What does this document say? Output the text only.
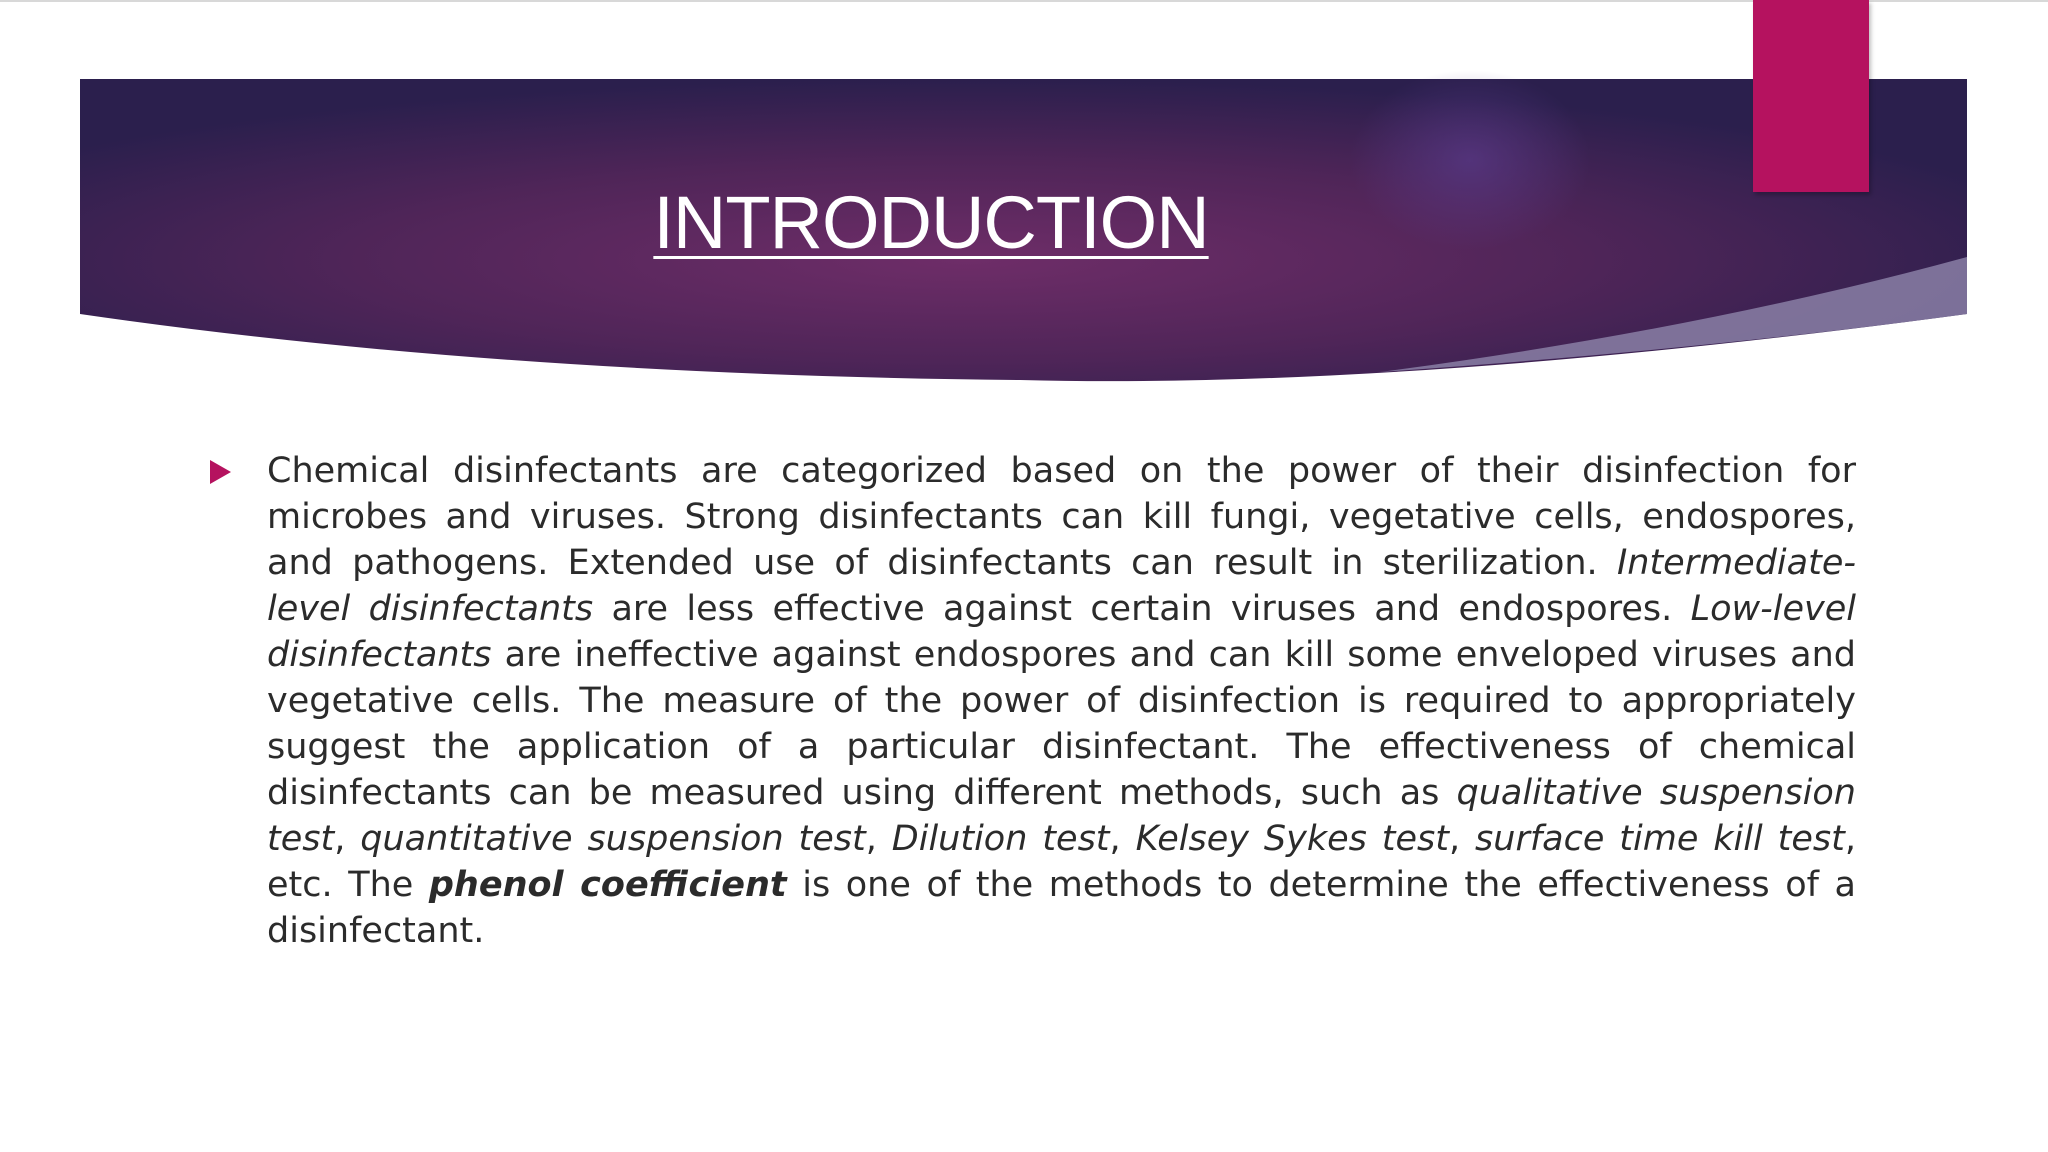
INTRODUCTION

Chemical disinfectants are categorized based on the power of their disinfection for microbes and viruses. Strong disinfectants can kill fungi, vegetative cells, endospores, and pathogens. Extended use of disinfectants can result in sterilization. Intermediate-level disinfectants are less effective against certain viruses and endospores. Low-level disinfectants are ineffective against endospores and can kill some enveloped viruses and vegetative cells. The measure of the power of disinfection is required to appropriately suggest the application of a particular disinfectant. The effectiveness of chemical disinfectants can be measured using different methods, such as qualitative suspension test, quantitative suspension test, Dilution test, Kelsey Sykes test, surface time kill test, etc. The phenol coefficient is one of the methods to determine the effectiveness of a disinfectant.
